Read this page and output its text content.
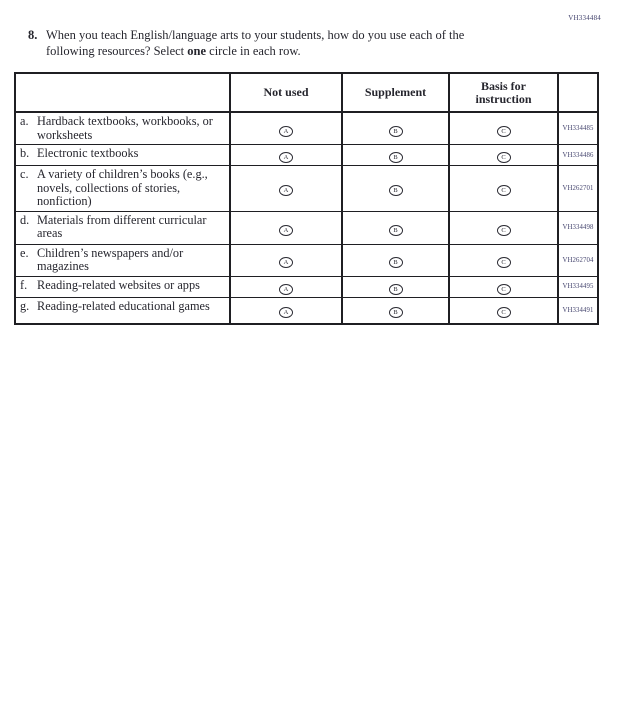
VH334484
8. When you teach English/language arts to your students, how do you use each of the
following resources? Select one circle in each row.
	Not used	Supplement	Basis for instruction	

a. Hardback textbooks, workbooks, or worksheets	A	B	C	VH334485

b. Electronic textbooks	A	B	C	VH334486

c. A variety of children’s books (e.g., novels, collections of stories, nonfiction)	A	B	C	VH262701

d. Materials from different curricular areas	A	B	C	VH334498

e. Children’s newspapers and/or magazines	A	B	C	VH262704

f. Reading-related websites or apps	A	B	C	VH334495

g. Reading-related educational games	A	B	C	VH334491
